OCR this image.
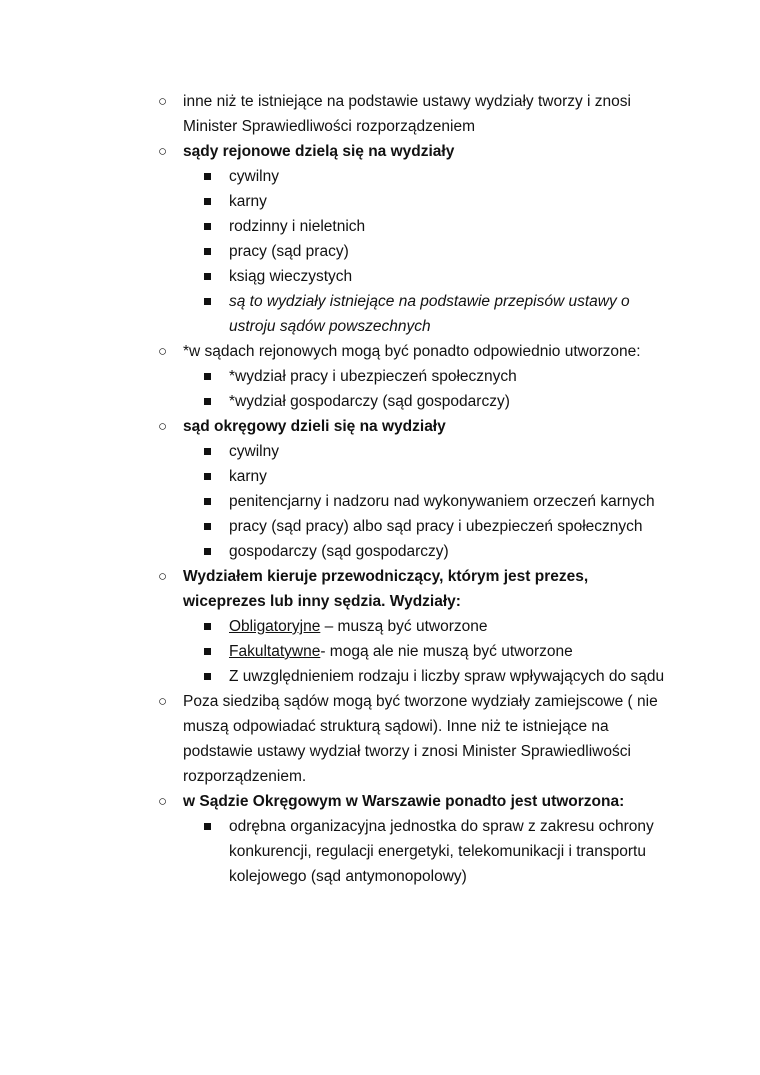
○	inne niż te istniejące na podstawie ustawy wydziały tworzy i znosi Minister Sprawiedliwości rozporządzeniem
○	sądy rejonowe dzielą się na wydziały
cywilny
karny
rodzinny i nieletnich
pracy (sąd pracy)
ksiąg wieczystych
są to wydziały istniejące na podstawie przepisów ustawy o ustroju sądów powszechnych
○	*w sądach rejonowych mogą być ponadto odpowiednio utworzone:
*wydział pracy i ubezpieczeń społecznych
*wydział gospodarczy (sąd gospodarczy)
○	sąd okręgowy dzieli się na wydziały
cywilny
karny
penitencjarny i nadzoru nad wykonywaniem orzeczeń karnych
pracy (sąd pracy) albo sąd pracy i ubezpieczeń społecznych
gospodarczy (sąd gospodarczy)
○	Wydziałem kieruje przewodniczący, którym jest prezes, wiceprezes lub inny sędzia. Wydziały:
Obligatoryjne – muszą być utworzone
Fakultatywne- mogą ale nie muszą być utworzone
Z uwzględnieniem rodzaju i liczby spraw wpływających do sądu
○	Poza siedzibą sądów mogą być tworzone wydziały zamiejscowe ( nie muszą odpowiadać strukturą sądowi). Inne niż te istniejące na podstawie ustawy wydział tworzy i znosi Minister Sprawiedliwości rozporządzeniem.
○	w Sądzie Okręgowym w Warszawie ponadto jest utworzona:
odrębna organizacyjna jednostka do spraw z zakresu ochrony konkurencji, regulacji energetyki, telekomunikacji i transportu kolejowego (sąd antymonopolowy)
